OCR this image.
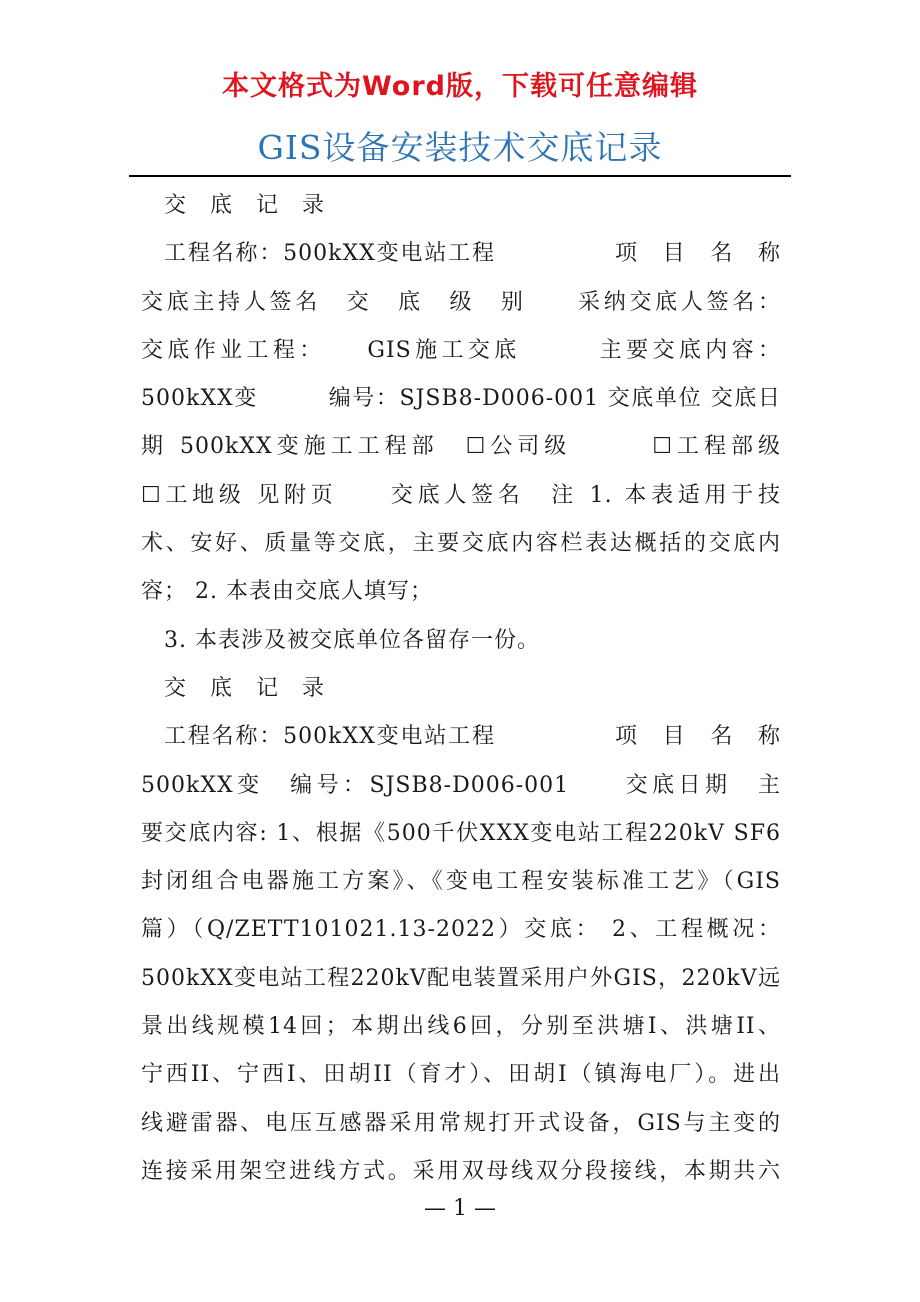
本文格式为Word版，下载可任意编辑
GIS设备安装技术交底记录
交　底　记　录
工程名称：500kXX变电站工程　　　　　项　目　名　称
交底主持人签名　交　底　级　别　　采纳交底人签名：
交底作业工程：　　GIS施工交底　　　主要交底内容：
500kXX变　　　编号：SJSB8-D006-001 交底单位 交底日
期 500kXX变施工工程部　☐公司级　　　☐工程部级
☐工地级 见附页　　交底人签名　注 1. 本表适用于技
术、安好、质量等交底，主要交底内容栏表达概括的交底内
容； 2. 本表由交底人填写；
3. 本表涉及被交底单位各留存一份。
交　底　记　录
工程名称：500kXX变电站工程　　　　　项　目　名　称
500kXX变　编号：SJSB8-D006-001　　交底日期　主
要交底内容: 1、根据《500千伏XXX变电站工程220kV SF6
封闭组合电器施工方案》、《变电工程安装标准工艺》（GIS
篇）（Q/ZETT101021.13-2022）交底： 2、工程概况：
500kXX变电站工程220kV配电装置采用户外GIS，220kV远
景出线规模14回；本期出线6回，分别至洪塘I、洪塘II、
宁西II、宁西I、田胡II（育才）、田胡I（镇海电厂）。进出
线避雷器、电压互感器采用常规打开式设备，GIS与主变的
连接采用架空进线方式。采用双母线双分段接线，本期共六
— 1 —
